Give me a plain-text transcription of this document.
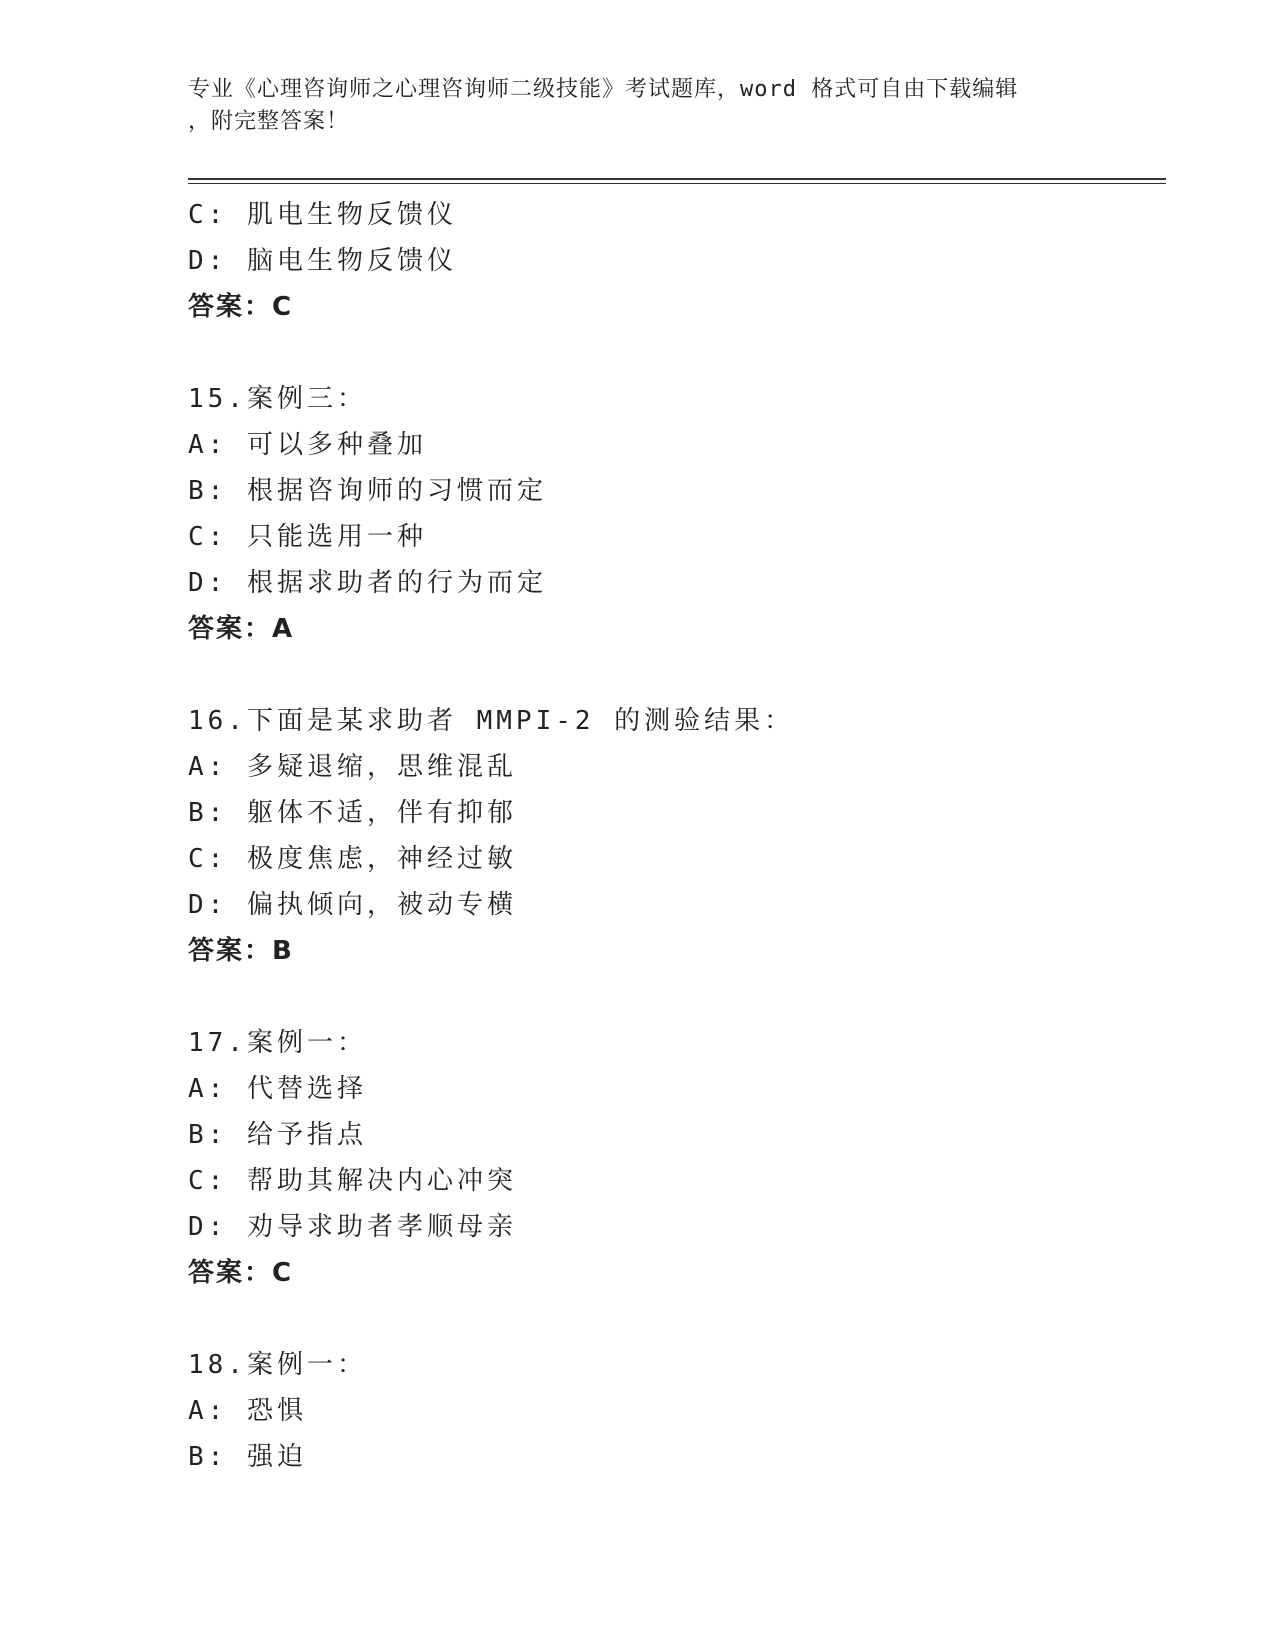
专业《心理咨询师之心理咨询师二级技能》考试题库，word 格式可自由下载编辑
，附完整答案！
C: 肌电生物反馈仪
D: 脑电生物反馈仪
答案：C
15.案例三：
A: 可以多种叠加
B: 根据咨询师的习惯而定
C: 只能选用一种
D: 根据求助者的行为而定
答案：A
16.下面是某求助者 MMPI-2 的测验结果：
A: 多疑退缩，思维混乱
B: 躯体不适，伴有抑郁
C: 极度焦虑，神经过敏
D: 偏执倾向，被动专横
答案：B
17.案例一：
A: 代替选择
B: 给予指点
C: 帮助其解决内心冲突
D: 劝导求助者孝顺母亲
答案：C
18.案例一：
A: 恐惧
B: 强迫
